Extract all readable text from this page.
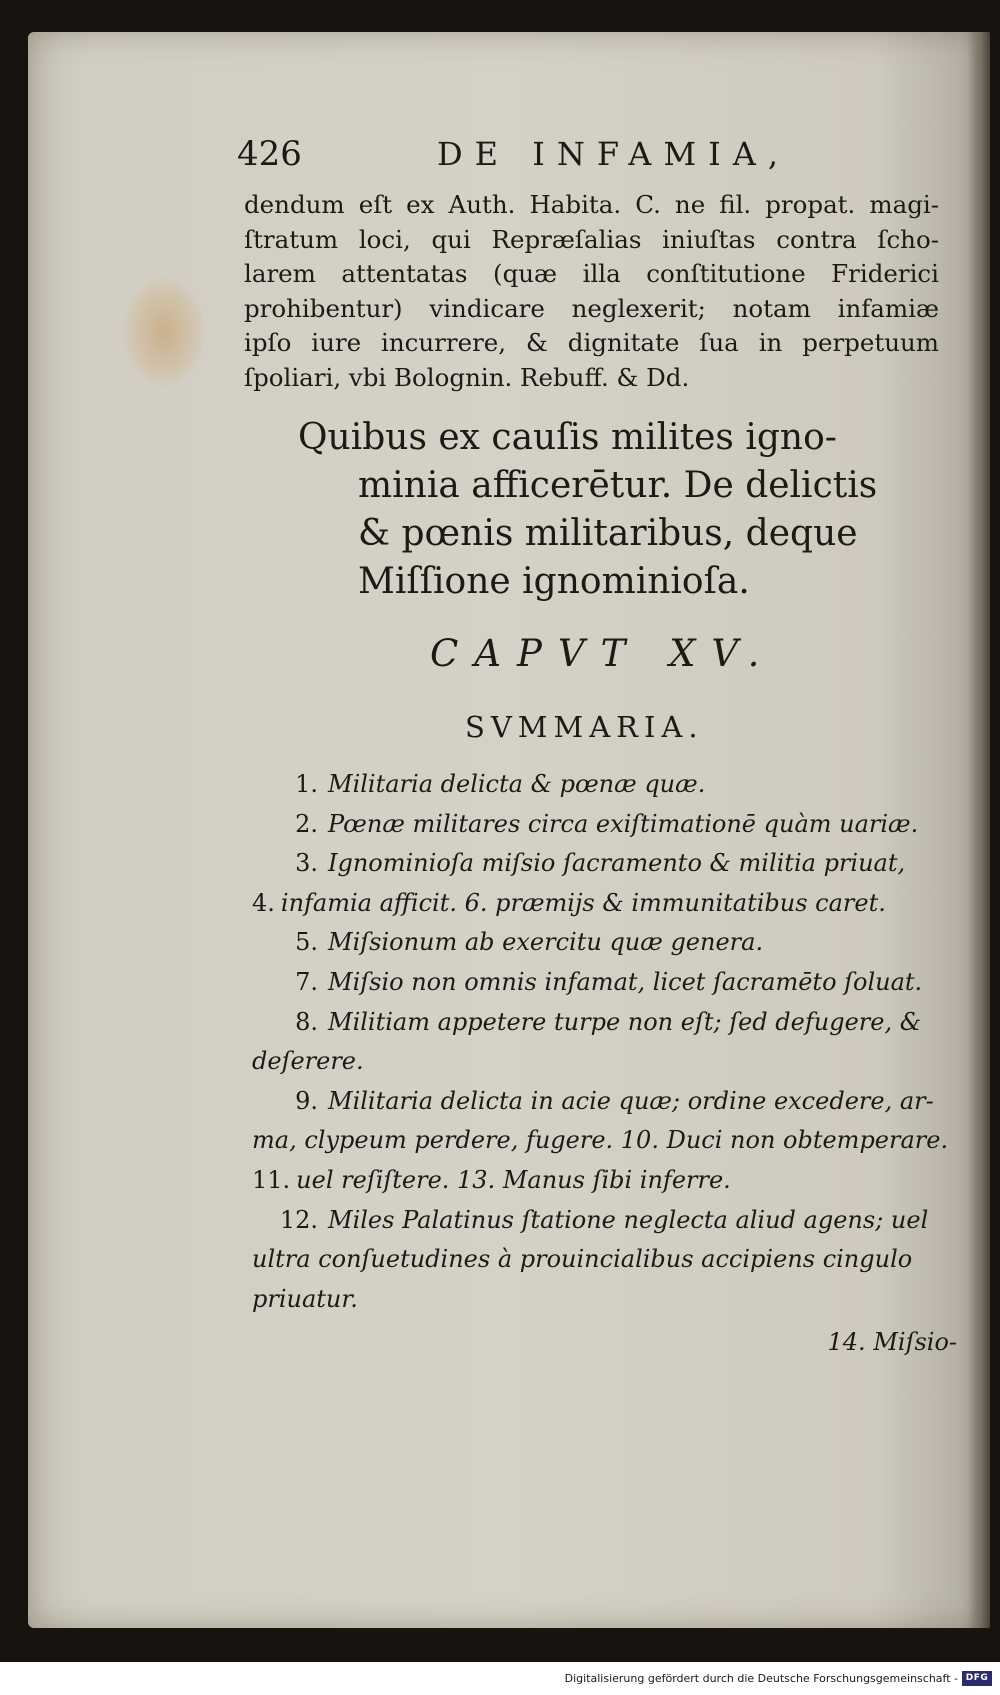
426	DE INFAMIA,
dendum eſt ex Auth. Habita. C. ne fil. propat. magi-
ſtratum loci, qui Repræſalias iniuſtas contra ſcho-
larem attentatas (quæ illa conſtitutione Friderici
prohibentur) vindicare neglexerit; notam infamiæ
ipſo iure incurrere, & dignitate ſua in perpetuum
ſpoliari, vbi Bolognin. Rebuff. & Dd.
Quibus ex cauſis milites igno-
minia afficerētur. De delictis
& pœnis militaribus, deque
Miſſione ignominioſa.
CAPVT XV.
SVMMARIA.
1. Militaria delicta & pœnæ quæ.
2. Pœnæ militares circa exiſtimationē quàm uariæ.
3. Ignominioſa miſsio ſacramento & militia priuat,
4. infamia afficit. 6. præmijs & immunitatibus caret.
5. Miſsionum ab exercitu quæ genera.
7. Miſsio non omnis infamat, licet ſacramēto ſoluat.
8. Militiam appetere turpe non eſt; ſed defugere, &
deſerere.
9. Militaria delicta in acie quæ; ordine excedere, ar-
ma, clypeum perdere, fugere. 10. Duci non obtemperare.
11. uel reſiſtere. 13. Manus ſibi inferre.
12. Miles Palatinus ſtatione neglecta aliud agens; uel
ultra conſuetudines à prouincialibus accipiens cingulo
priuatur.
14. Miſsio-
Digitalisierung gefördert durch die Deutsche Forschungsgemeinschaft - DFG
